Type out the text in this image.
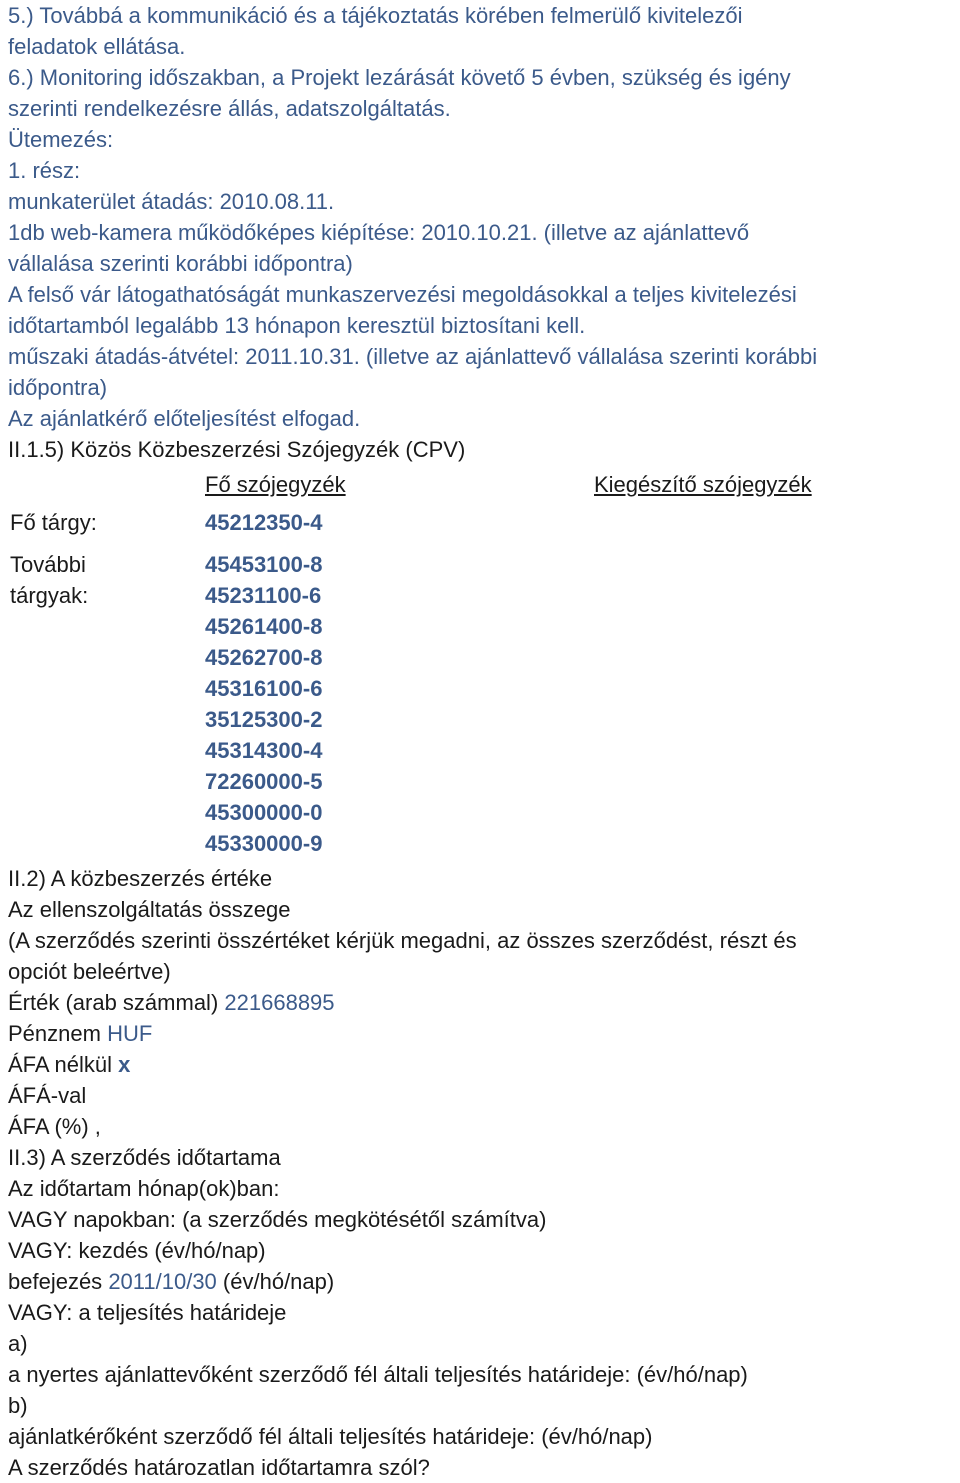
5.) Továbbá a kommunikáció és a tájékoztatás körében felmerülő kivitelezői
feladatok ellátása.
6.) Monitoring időszakban, a Projekt lezárását követő 5 évben, szükség és igény
szerinti rendelkezésre állás, adatszolgáltatás.
Ütemezés:
1. rész:
munkaterület átadás: 2010.08.11.
1db web-kamera működőképes kiépítése: 2010.10.21. (illetve az ajánlattevő
vállalása szerinti korábbi időpontra)
A felső vár látogathatóságát munkaszervezési megoldásokkal a teljes kivitelezési
időtartamból legalább 13 hónapon keresztül biztosítani kell.
műszaki átadás-átvétel: 2011.10.31. (illetve az ajánlattevő vállalása szerinti korábbi
időpontra)
Az ajánlatkérő előteljesítést elfogad.
II.1.5) Közös Közbeszerzési Szójegyzék (CPV)
Fő szójegyzék	Kiegészítő szójegyzék
Fő tárgy:	45212350-4
További
tárgyak:
45453100-8
45231100-6
45261400-8
45262700-8
45316100-6
35125300-2
45314300-4
72260000-5
45300000-0
45330000-9
II.2) A közbeszerzés értéke
Az ellenszolgáltatás összege
(A szerződés szerinti összértéket kérjük megadni, az összes szerződést, részt és
opciót beleértve)
Érték (arab számmal) 221668895
Pénznem HUF
ÁFA nélkül x
ÁFÁ-val
ÁFA (%) ,
II.3) A szerződés időtartama
Az időtartam hónap(ok)ban:
VAGY napokban: (a szerződés megkötésétől számítva)
VAGY: kezdés (év/hó/nap)
befejezés 2011/10/30 (év/hó/nap)
VAGY: a teljesítés határideje
a)
a nyertes ajánlattevőként szerződő fél általi teljesítés határideje: (év/hó/nap)
b)
ajánlatkérőként szerződő fél általi teljesítés határideje: (év/hó/nap)
A szerződés határozatlan időtartamra szól?
